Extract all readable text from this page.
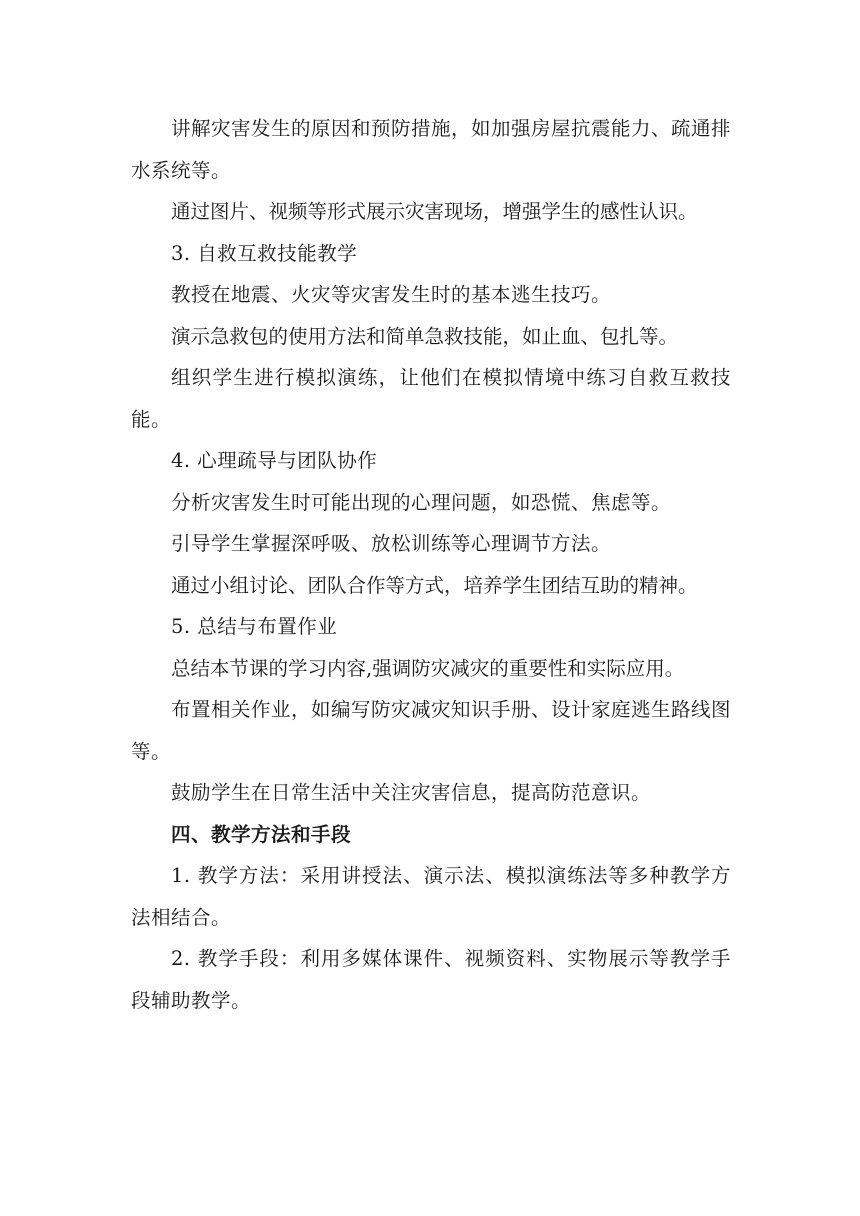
讲解灾害发生的原因和预防措施，如加强房屋抗震能力、疏通排水系统等。

通过图片、视频等形式展示灾害现场，增强学生的感性认识。

3. 自救互救技能教学

教授在地震、火灾等灾害发生时的基本逃生技巧。

演示急救包的使用方法和简单急救技能，如止血、包扎等。

组织学生进行模拟演练，让他们在模拟情境中练习自救互救技能。

4. 心理疏导与团队协作

分析灾害发生时可能出现的心理问题，如恐慌、焦虑等。

引导学生掌握深呼吸、放松训练等心理调节方法。

通过小组讨论、团队合作等方式，培养学生团结互助的精神。

5. 总结与布置作业

总结本节课的学习内容,强调防灾减灾的重要性和实际应用。

布置相关作业，如编写防灾减灾知识手册、设计家庭逃生路线图等。

鼓励学生在日常生活中关注灾害信息，提高防范意识。

四、教学方法和手段

1. 教学方法：采用讲授法、演示法、模拟演练法等多种教学方法相结合。

2. 教学手段：利用多媒体课件、视频资料、实物展示等教学手段辅助教学。
